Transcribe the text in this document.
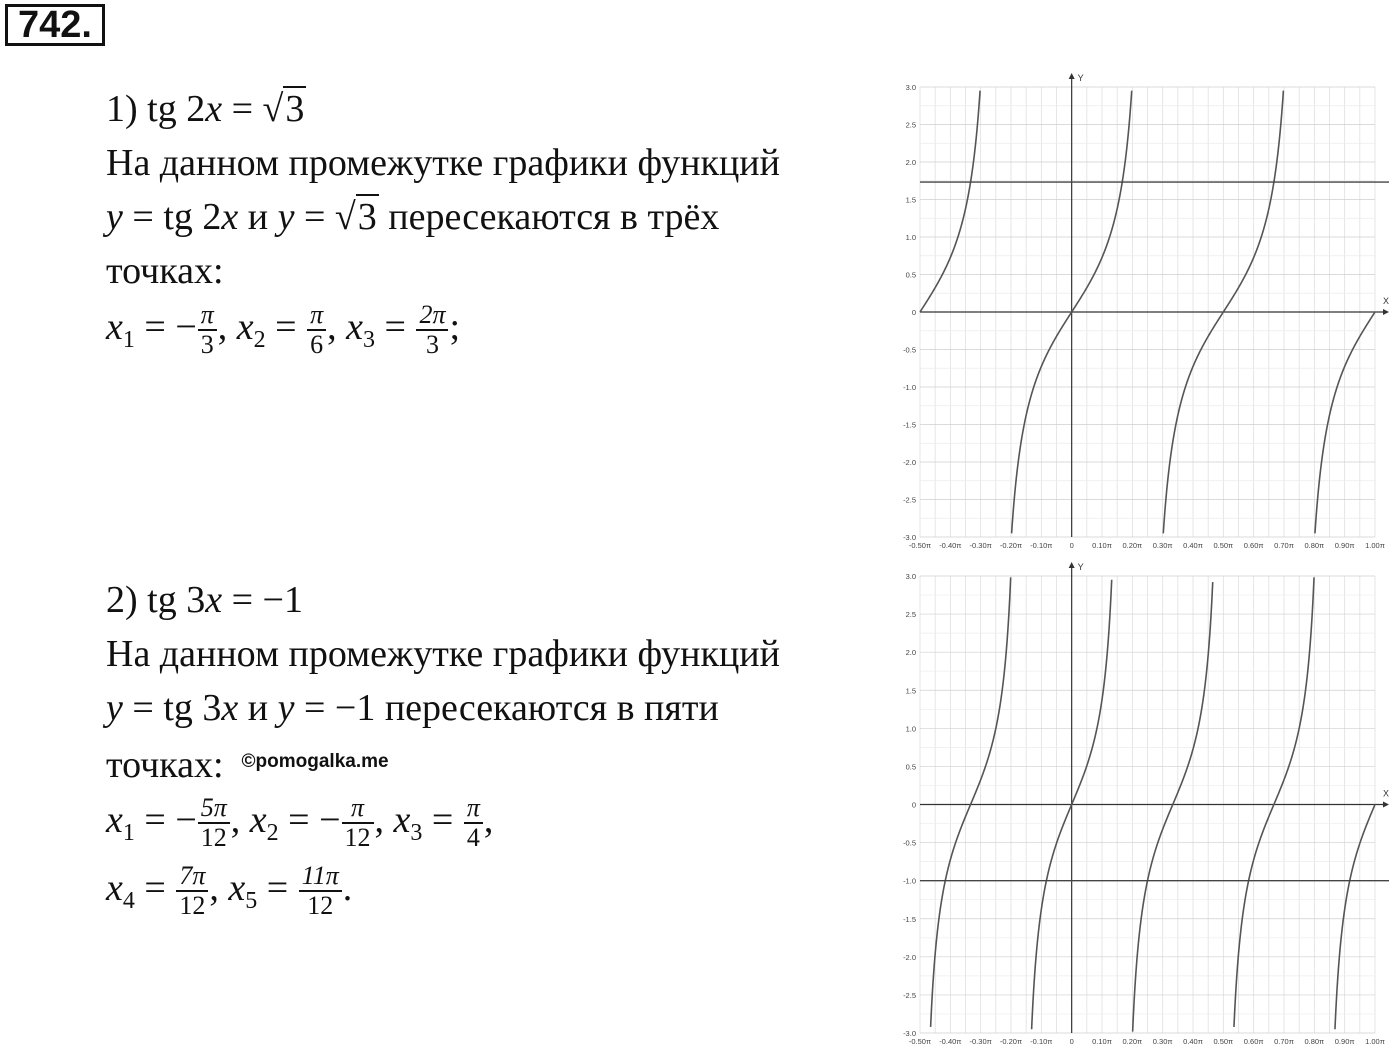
742.
1) tg 2x = √3
На данном промежутке графики функций
y = tg 2x и y = √3 пересекаются в трёх
точках:
$x_1$ = − $\frac{\pi}{3}$ , $x_2 = \frac{\pi}{6}$ , $x_3 = \frac{2\pi}{3}$ ;
2) tg 3x = −1
На данном промежутке графики функций
y = tg 3x и y = −1 пересекаются в пяти
точках: $^{©pomogalka.me}$
$x_1$ = − $\frac{5\pi}{12}$ , $x_2$ = − $\frac{\pi}{12}$ , $x_3 = \frac{\pi}{4}$ ,
$x_4 = \frac{7\pi}{12}$ , $x_5 = \frac{11\pi}{12}$ .
X
Y
-0.50π -0.40π -0.30π -0.20π -0.10π 0 0.10π 0.20π 0.30π 0.40π 0.50π 0.60π 0.70π 0.80π 0.90π 1.00π
3.0
2.5
2.0
1.5
1.0
0.5
0
-0.5
-1.0
-1.5
-2.0
-2.5
-3.0
X
Y
-0.50π -0.40π -0.30π -0.20π -0.10π 0 0.10π 0.20π 0.30π 0.40π 0.50π 0.60π 0.70π 0.80π 0.90π 1.00π
3.0
2.5
2.0
1.5
1.0
0.5
0
-0.5
-1.0
-1.5
-2.0
-2.5
-3.0
